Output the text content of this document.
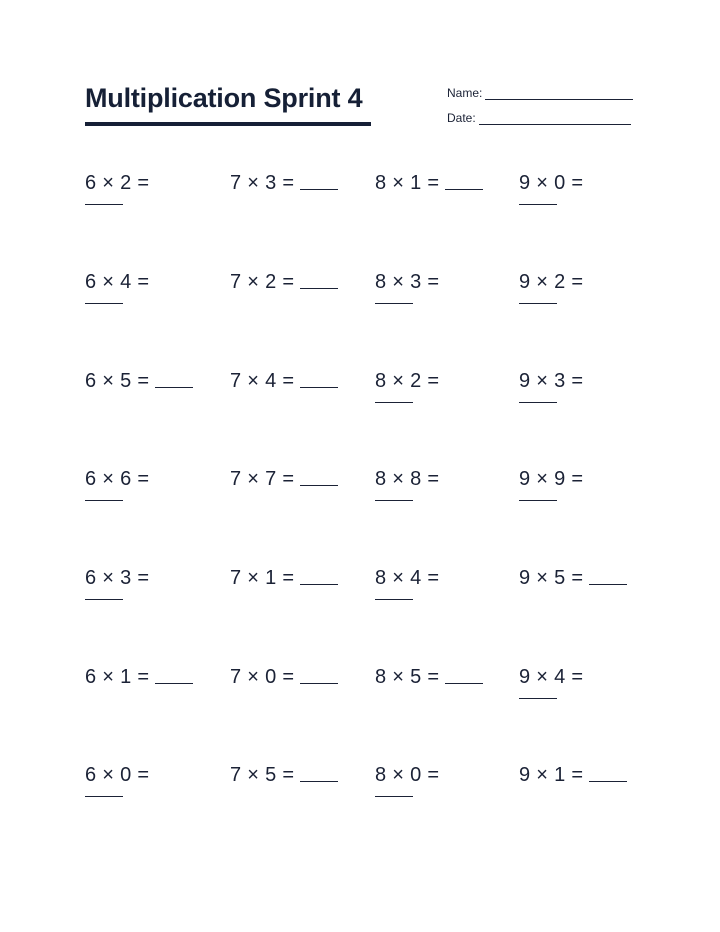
Multiplication Sprint 4	Name:
Date:
6 × 2 =	7 × 3 =	8 × 1 =	9 × 0 =
6 × 4 =	7 × 2 =	8 × 3 =	9 × 2 =
6 × 5 =	7 × 4 =	8 × 2 =	9 × 3 =
6 × 6 =	7 × 7 =	8 × 8 =	9 × 9 =
6 × 3 =	7 × 1 =	8 × 4 =	9 × 5 =
6 × 1 =	7 × 0 =	8 × 5 =	9 × 4 =
6 × 0 =	7 × 5 =	8 × 0 =	9 × 1 =
